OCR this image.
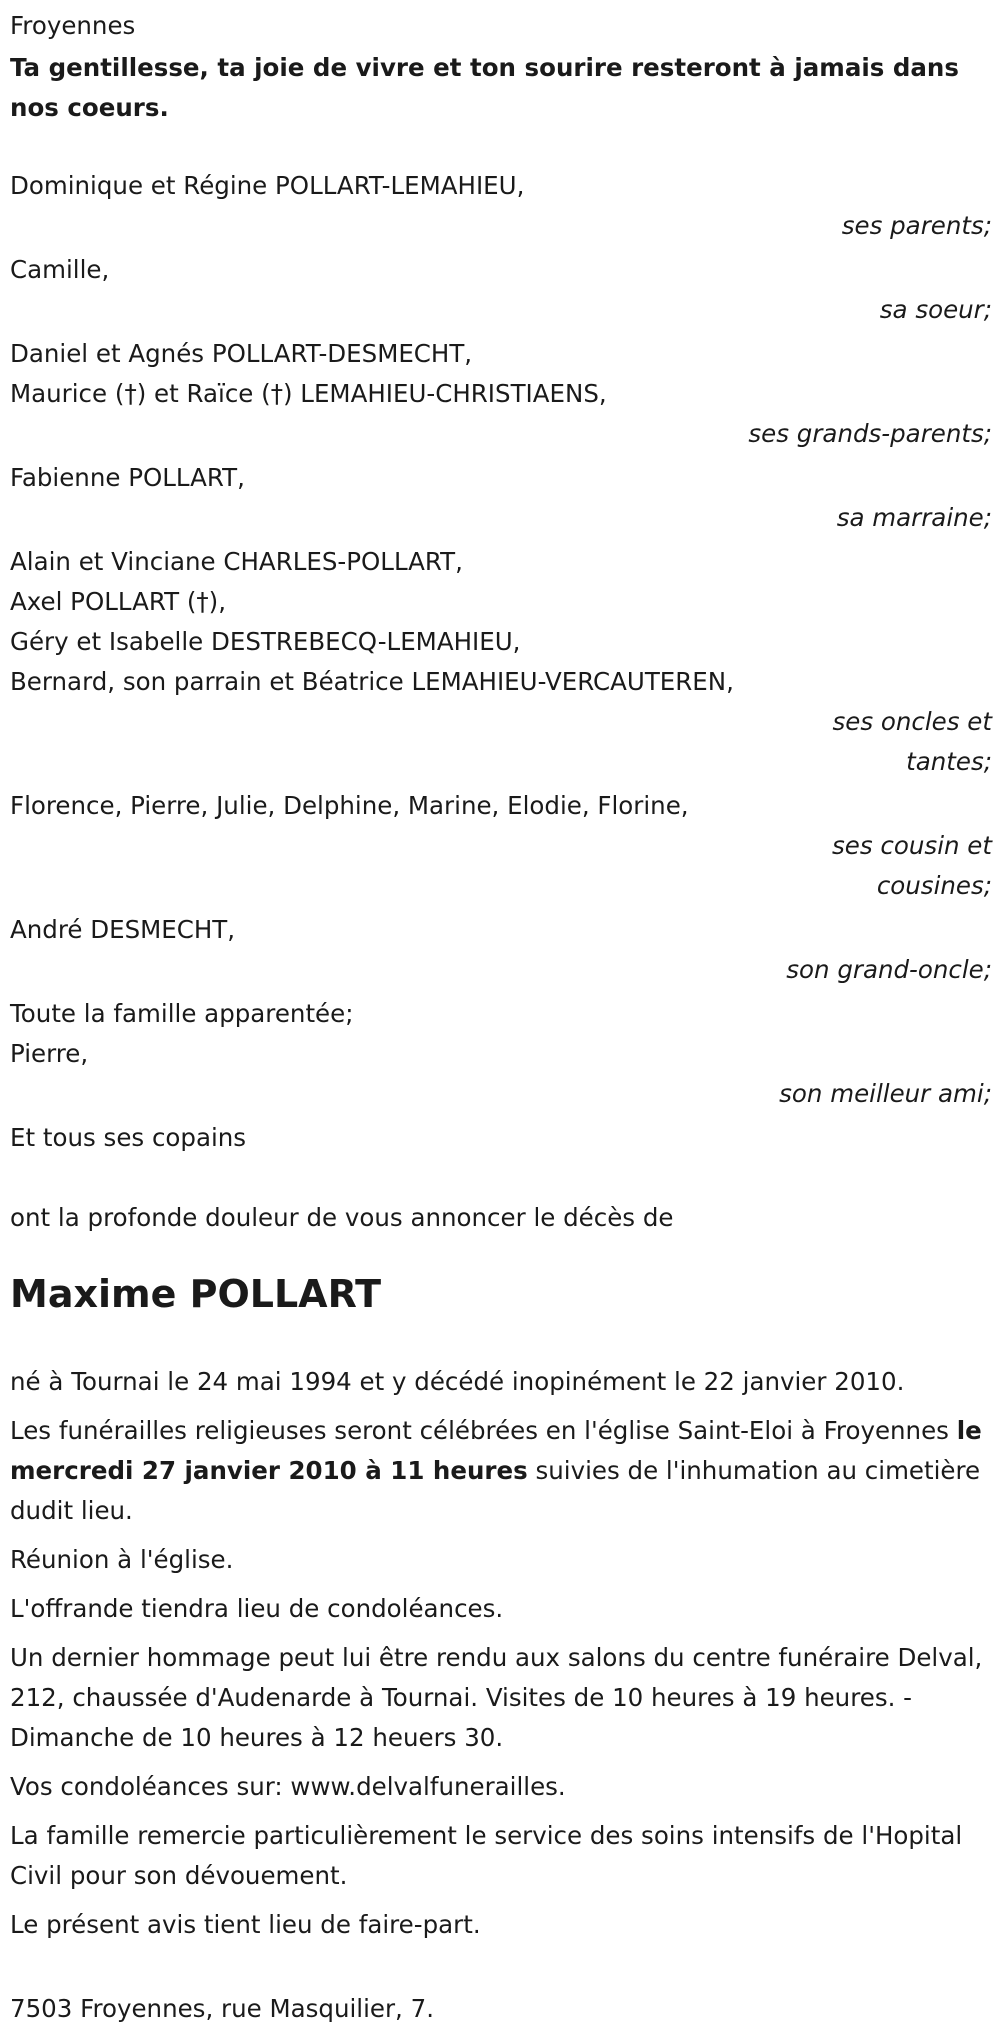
Froyennes
Ta gentillesse, ta joie de vivre et ton sourire resteront à jamais dans nos coeurs.
Dominique et Régine POLLART-LEMAHIEU,
ses parents;
Camille,
sa soeur;
Daniel et Agnés POLLART-DESMECHT,
Maurice (†) et Raïce (†) LEMAHIEU-CHRISTIAENS,
ses grands-parents;
Fabienne POLLART,
sa marraine;
Alain et Vinciane CHARLES-POLLART,
Axel POLLART (†),
Géry et Isabelle DESTREBECQ-LEMAHIEU,
Bernard, son parrain et Béatrice LEMAHIEU-VERCAUTEREN,
ses oncles et tantes;
Florence, Pierre, Julie, Delphine, Marine, Elodie, Florine,
ses cousin et cousines;
André DESMECHT,
son grand-oncle;
Toute la famille apparentée;
Pierre,
son meilleur ami;
Et tous ses copains
ont la profonde douleur de vous annoncer le décès de
Maxime POLLART
né à Tournai le 24 mai 1994 et y décédé inopinément le 22 janvier 2010.
Les funérailles religieuses seront célébrées en l'église Saint-Eloi à Froyennes le mercredi 27 janvier 2010 à 11 heures suivies de l'inhumation au cimetière dudit lieu.
Réunion à l'église.
L'offrande tiendra lieu de condoléances.
Un dernier hommage peut lui être rendu aux salons du centre funéraire Delval, 212, chaussée d'Audenarde à Tournai. Visites de 10 heures à 19 heures. - Dimanche de 10 heures à 12 heuers 30.
Vos condoléances sur: www.delvalfunerailles.
La famille remercie particulièrement le service des soins intensifs de l'Hopital Civil pour son dévouement.
Le présent avis tient lieu de faire-part.
7503 Froyennes, rue Masquilier, 7.
